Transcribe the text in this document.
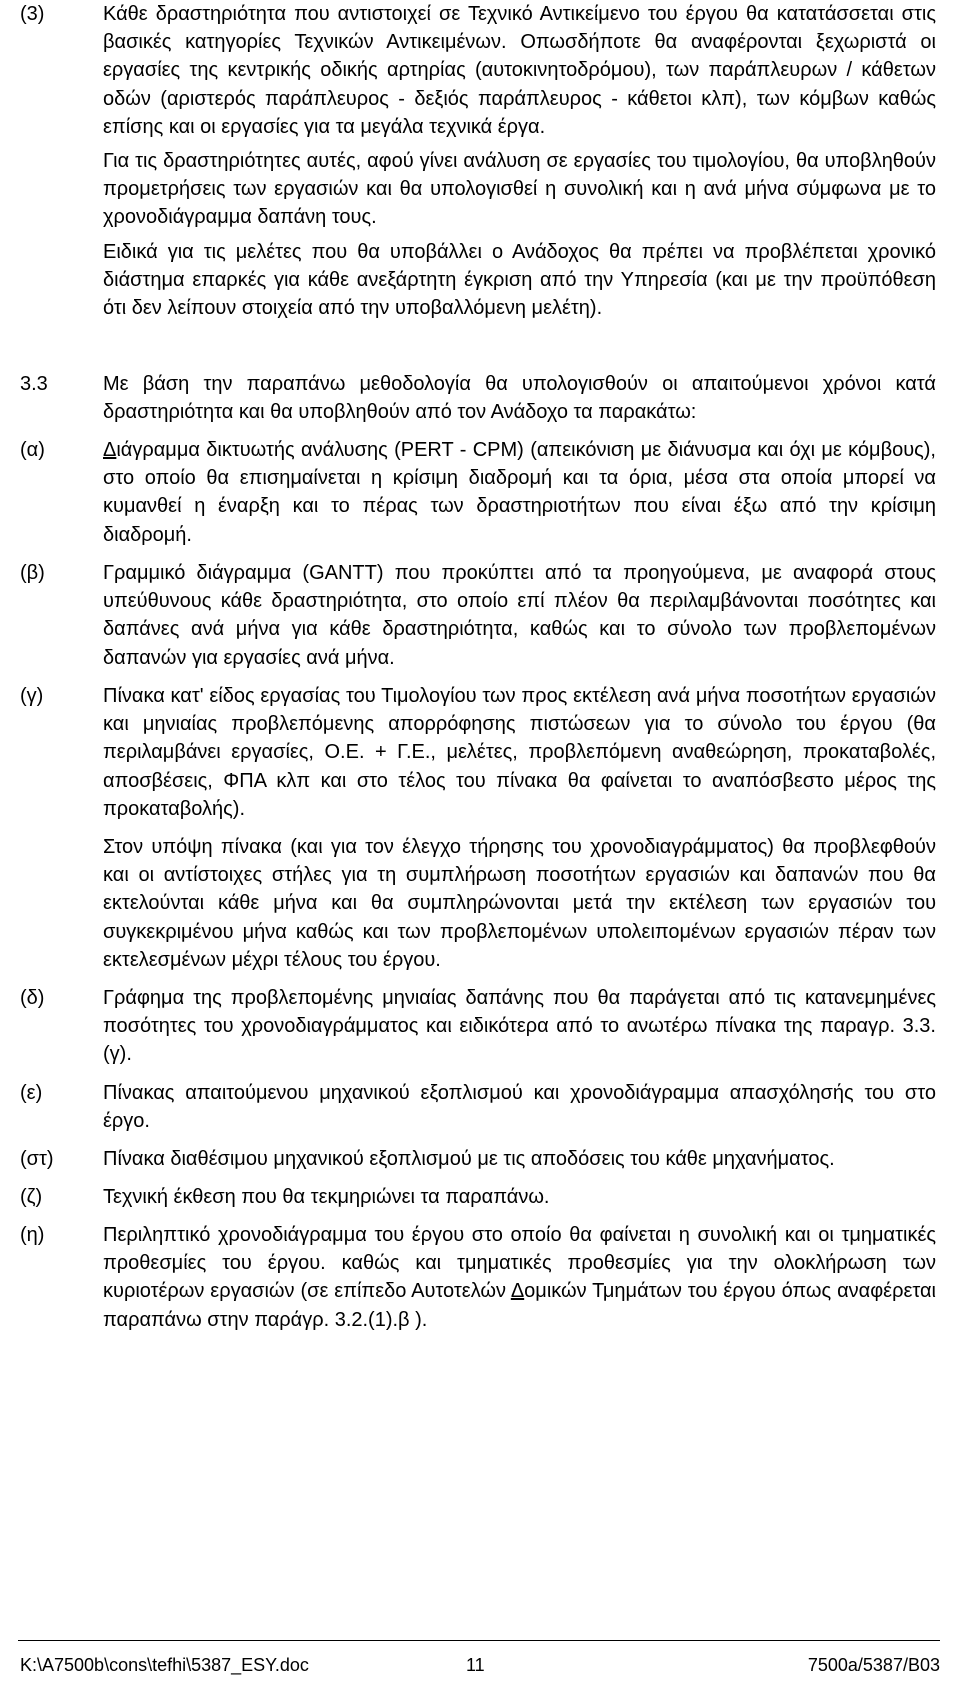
(3)	Κάθε δραστηριότητα που αντιστοιχεί σε Τεχνικό Αντικείμενο του έργου θα κατατάσσεται στις βασικές κατηγορίες Τεχνικών Αντικειμένων. Οπωσδήποτε θα αναφέρονται ξεχωριστά οι εργασίες της κεντρικής οδικής αρτηρίας (αυτοκινητοδρόμου), των παράπλευρων / κάθετων οδών (αριστερός παράπλευρος - δεξιός παράπλευρος - κάθετοι κλπ), των κόμβων καθώς επίσης και οι εργασίες για τα μεγάλα τεχνικά έργα.

Για τις δραστηριότητες αυτές, αφού γίνει ανάλυση σε εργασίες του τιμολογίου, θα υποβληθούν προμετρήσεις των εργασιών και θα υπολογισθεί η συνολική και η ανά μήνα σύμφωνα με το χρονοδιάγραμμα δαπάνη τους.

Ειδικά για τις μελέτες που θα υποβάλλει ο Ανάδοχος θα πρέπει να προβλέπεται χρονικό διάστημα επαρκές για κάθε ανεξάρτητη έγκριση από την Υπηρεσία (και με την προϋπόθεση ότι δεν λείπουν στοιχεία από την υποβαλλόμενη μελέτη).

3.3	Με βάση την παραπάνω μεθοδολογία θα υπολογισθούν οι απαιτούμενοι χρόνοι κατά δραστηριότητα και θα υποβληθούν από τον Ανάδοχο τα παρακάτω:
(α)	Διάγραμμα δικτυωτής ανάλυσης (PERT - CPM) (απεικόνιση με διάνυσμα και όχι με κόμβους), στο οποίο θα επισημαίνεται η κρίσιμη διαδρομή και τα όρια, μέσα στα οποία μπορεί να κυμανθεί η έναρξη και το πέρας των δραστηριοτήτων που είναι έξω από την κρίσιμη διαδρομή.
(β)	Γραμμικό διάγραμμα (GANTT) που προκύπτει από τα προηγούμενα, με αναφορά στους υπεύθυνους κάθε δραστηριότητα, στο οποίο επί πλέον θα περιλαμβάνονται ποσότητες και δαπάνες ανά μήνα για κάθε δραστηριότητα, καθώς και το σύνολο των προβλεπομένων δαπανών για εργασίες ανά μήνα.
(γ)	Πίνακα κατ' είδος εργασίας του Τιμολογίου των προς εκτέλεση ανά μήνα ποσοτήτων εργασιών και μηνιαίας προβλεπόμενης απορρόφησης πιστώσεων για το σύνολο του έργου (θα περιλαμβάνει εργασίες, Ο.Ε. + Γ.Ε., μελέτες, προβλεπόμενη αναθεώρηση, προκαταβολές, αποσβέσεις, ΦΠΑ κλπ και στο τέλος του πίνακα θα φαίνεται το αναπόσβεστο μέρος της προκαταβολής).

Στον υπόψη πίνακα (και για τον έλεγχο τήρησης του χρονοδιαγράμματος) θα προβλεφθούν και οι αντίστοιχες στήλες για τη συμπλήρωση ποσοτήτων εργασιών και δαπανών που θα εκτελούνται κάθε μήνα και θα συμπληρώνονται μετά την εκτέλεση των εργασιών του συγκεκριμένου μήνα καθώς και των προβλεπομένων υπολειπομένων εργασιών πέραν των εκτελεσμένων μέχρι τέλους του έργου.

(δ)	Γράφημα της προβλεπομένης μηνιαίας δαπάνης που θα παράγεται από τις κατανεμημένες ποσότητες του χρονοδιαγράμματος και ειδικότερα από το ανωτέρω πίνακα της παραγρ. 3.3.(γ).
(ε)	Πίνακας απαιτούμενου μηχανικού εξοπλισμού και χρονοδιάγραμμα απασχόλησής του στο έργο.
(στ) Πίνακα διαθέσιμου μηχανικού εξοπλισμού με τις αποδόσεις του κάθε μηχανήματος.
(ζ)	Τεχνική έκθεση που θα τεκμηριώνει τα παραπάνω.
(η)	Περιληπτικό χρονοδιάγραμμα του έργου στο οποίο θα φαίνεται η συνολική και οι τμηματικές προθεσμίες του έργου. καθώς και τμηματικές προθεσμίες για την ολοκλήρωση των κυριοτέρων εργασιών (σε επίπεδο Αυτοτελών Δομικών Τμημάτων του έργου όπως αναφέρεται παραπάνω στην παράγρ. 3.2.(1).β ).
K:\A7500b\cons\tefhi\5387_ESY.doc	11	7500a/5387/B03
